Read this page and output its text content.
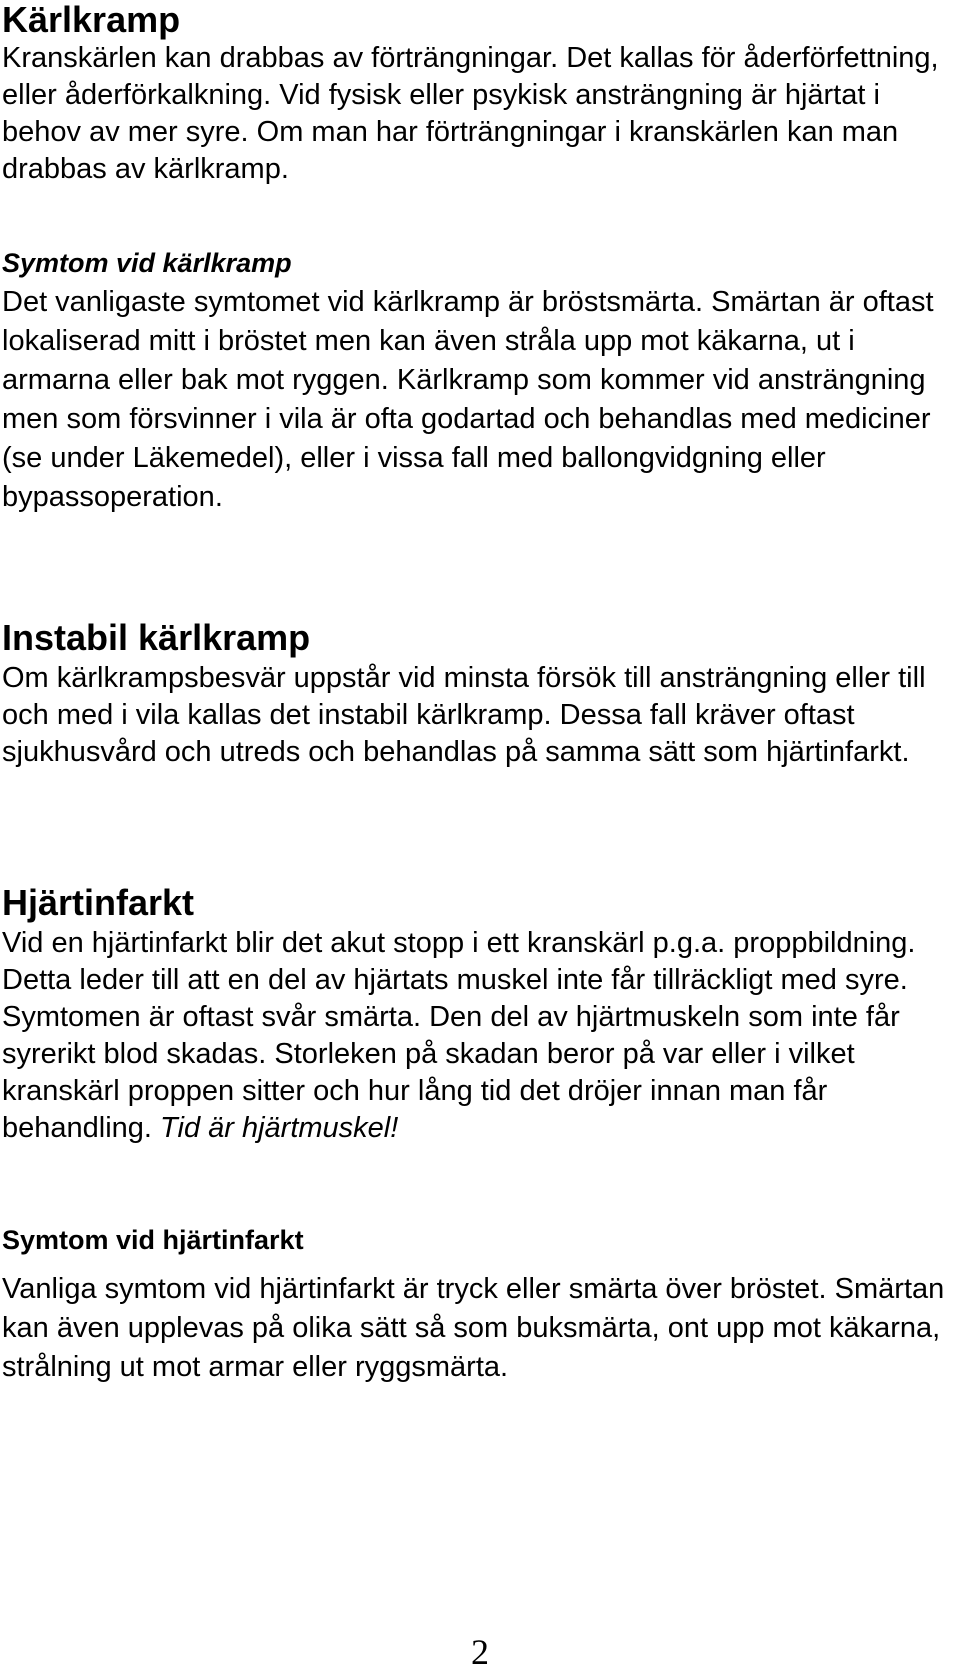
Kärlkramp

Kranskärlen kan drabbas av förträngningar. Det kallas för åderförfettning, eller åderförkalkning. Vid fysisk eller psykisk ansträngning är hjärtat i behov av mer syre. Om man har förträngningar i kranskärlen kan man drabbas av kärlkramp.

Symtom vid kärlkramp

Det vanligaste symtomet vid kärlkramp är bröstsmärta. Smärtan är oftast lokaliserad mitt i bröstet men kan även stråla upp mot käkarna, ut i armarna eller bak mot ryggen. Kärlkramp som kommer vid ansträngning men som försvinner i vila är ofta godartad och behandlas med mediciner (se under Läkemedel), eller i vissa fall med ballongvidgning eller bypassoperation.

Instabil kärlkramp

Om kärlkrampsbesvär uppstår vid minsta försök till ansträngning eller till och med i vila kallas det instabil kärlkramp. Dessa fall kräver oftast sjukhusvård och utreds och behandlas på samma sätt som hjärtinfarkt.

Hjärtinfarkt

Vid en hjärtinfarkt blir det akut stopp i ett kranskärl p.g.a. proppbildning. Detta leder till att en del av hjärtats muskel inte får tillräckligt med syre. Symtomen är oftast svår smärta. Den del av hjärtmuskeln som inte får syrerikt blod skadas. Storleken på skadan beror på var eller i vilket kranskärl proppen sitter och hur lång tid det dröjer innan man får behandling. Tid är hjärtmuskel!

Symtom vid hjärtinfarkt

Vanliga symtom vid hjärtinfarkt är tryck eller smärta över bröstet. Smärtan kan även upplevas på olika sätt så som buksmärta, ont upp mot käkarna, strålning ut mot armar eller ryggsmärta.

2
